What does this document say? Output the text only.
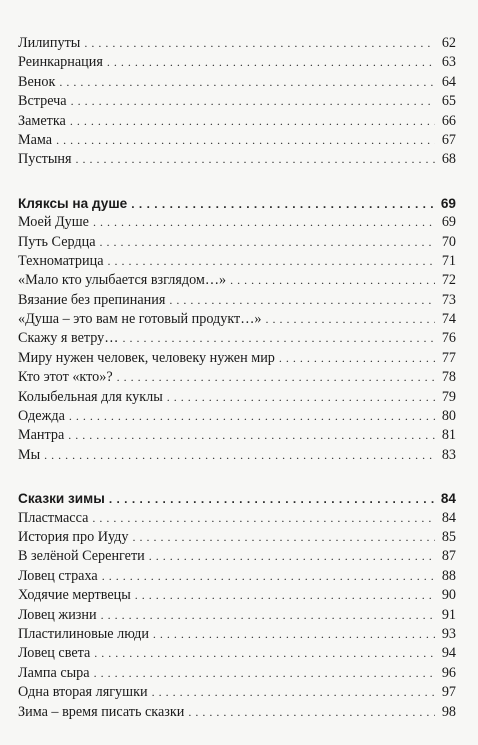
Лилипуты . . .	62
Реинкарнация . . .	63
Венок . . .	64
Встреча . . .	65
Заметка . . .	66
Мама . . .	67
Пустыня . . .	68
Кляксы на душе . . .	69
Моей Душе . . .	69
Путь Сердца . . .	70
Техноматрица . . .	71
«Мало кто улыбается взглядом…» . . .	72
Вязание без препинания . . .	73
«Душа – это вам не готовый продукт…» . . .	74
Скажу я ветру… . . .	76
Миру нужен человек, человеку нужен мир . . .	77
Кто этот «кто»? . . .	78
Колыбельная для куклы . . .	79
Одежда . . .	80
Мантра . . .	81
Мы . . .	83
Сказки зимы . . .	84
Пластмасса . . .	84
История про Иуду . . .	85
В зелёной Серенгети . . .	87
Ловец страха . . .	88
Ходячие мертвецы . . .	90
Ловец жизни . . .	91
Пластилиновые люди . . .	93
Ловец света . . .	94
Лампа сыра . . .	96
Одна вторая лягушки . . .	97
Зима – время писать сказки . . .	98
